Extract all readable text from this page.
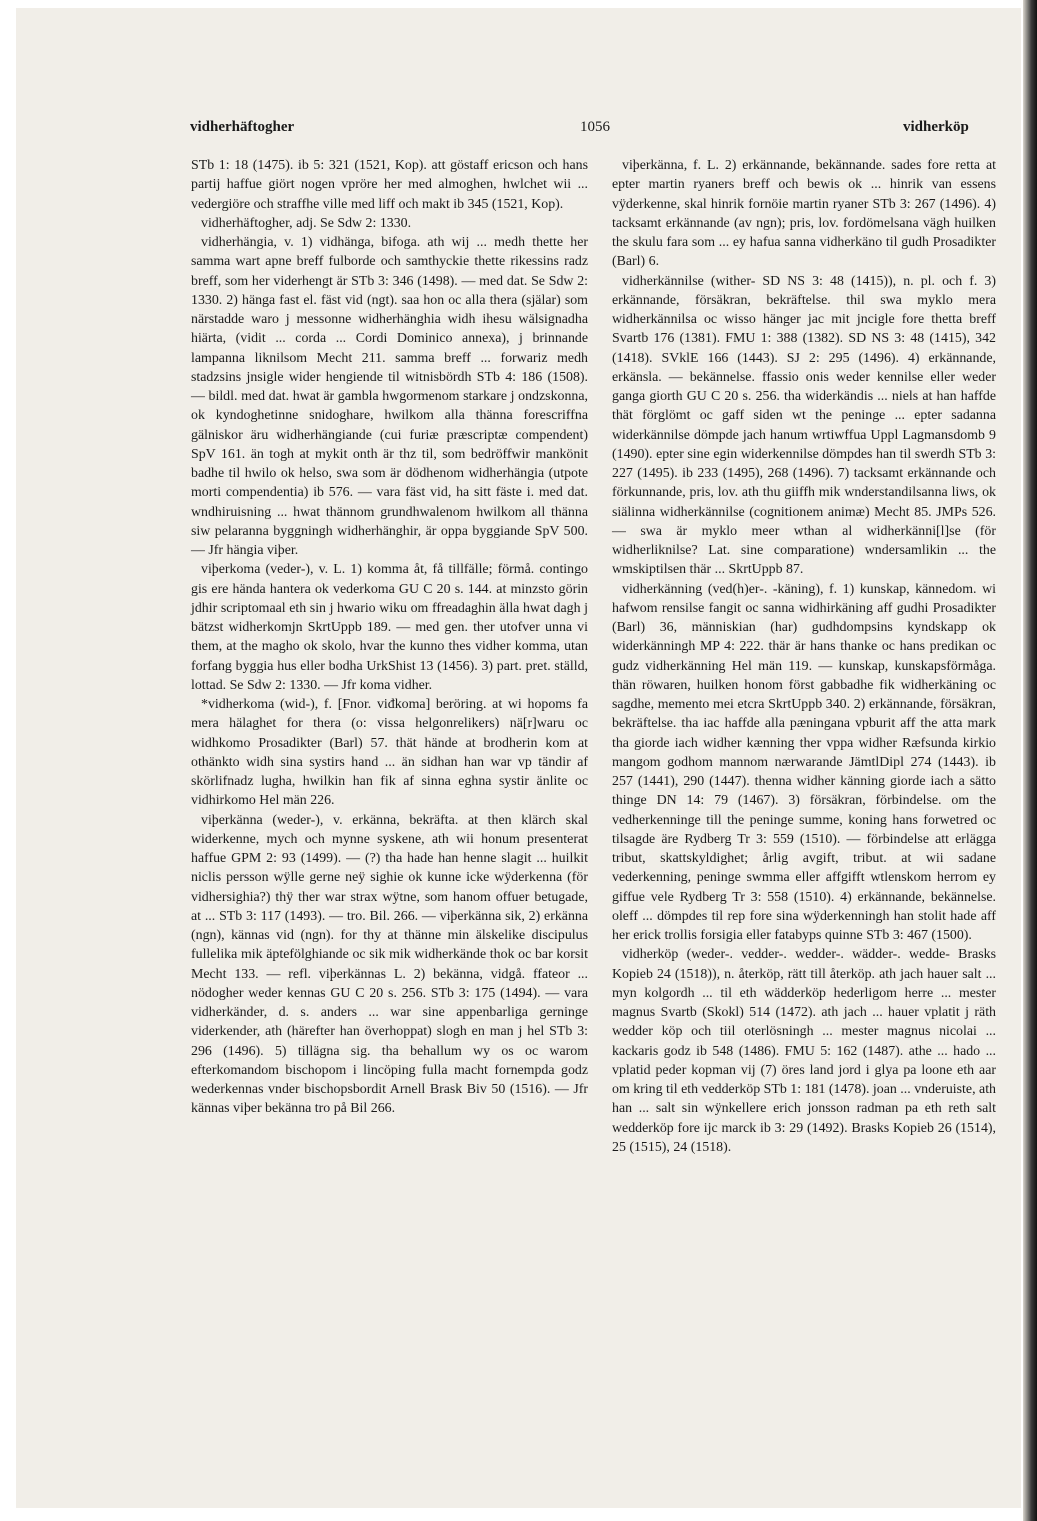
vidherhäftogher	1056	vidherköp

STb 1: 18 (1475). ib 5: 321 (1521, Kop). att göstaff ericson och hans partij haffue giört nogen vpröre her med almoghen, hwlchet wii ... vedergiöre och straffhe ville med liff och makt ib 345 (1521, Kop).

vidherhäftogher, adj. Se Sdw 2: 1330.

vidherhängia, v. 1) vidhänga, bifoga. ath wij ... medh thette her samma wart apne breff fulborde och samthyckie thette rikessins radz breff, som her viderhengt är STb 3: 346 (1498). — med dat. Se Sdw 2: 1330. 2) hänga fast el. fäst vid (ngt). saa hon oc alla thera (själar) som närstadde waro j messonne widherhänghia widh ihesu wälsignadha hiärta, (vidit ... corda ... Cordi Dominico annexa), j brinnande lampanna liknilsom Mecht 211. samma breff ... forwariz medh stadzsins jnsigle wider hengiende til witnisbördh STb 4: 186 (1508). — bildl. med dat. hwat är gambla hwgormenom starkare j ondzskonna, ok kyndoghetinne snidoghare, hwilkom alla thänna forescriffna gälniskor äru widherhängiande (cui furiæ præscriptæ compendent) SpV 161. än togh at mykit onth är thz til, som bedröffwir mankönit badhe til hwilo ok helso, swa som är dödhenom widherhängia (utpote morti compendentia) ib 576. — vara fäst vid, ha sitt fäste i. med dat. wndhiruisning ... hwat thännom grundhwalenom hwilkom all thänna siw pelaranna byggningh widherhänghir, är oppa byggiande SpV 500. — Jfr hängia viþer.

viþerkoma (veder-), v. L. 1) komma åt, få tillfälle; förmå. contingo gis ere hända hantera ok vederkoma GU C 20 s. 144. at minzsto görin jdhir scriptomaal eth sin j hwario wiku om ffreadaghin älla hwat dagh j bätzst widherkomjn SkrtUppb 189. — med gen. ther utofver unna vi them, at the magho ok skolo, hvar the kunno thes vidher komma, utan forfang byggia hus eller bodha UrkShist 13 (1456). 3) part. pret. ställd, lottad. Se Sdw 2: 1330. — Jfr koma vidher.

*vidherkoma (wid-), f. [Fnor. viđkoma] beröring. at wi hopoms fa mera hälaghet for thera (o: vissa helgonrelikers) nä[r]waru oc widhkomo Prosadikter (Barl) 57. thät hände at brodherin kom at othänkto widh sina systirs hand ... än sidhan han war vp tändir af skörlifnadz lugha, hwilkin han fik af sinna eghna systir änlite oc vidhirkomo Hel män 226.

viþerkänna (weder-), v. erkänna, bekräfta. at then klärch skal widerkenne, mych och mynne syskene, ath wii honum presenterat haffue GPM 2: 93 (1499). — (?) tha hade han henne slagit ... huilkit niclis persson wÿlle gerne neÿ sighie ok kunne icke wÿderkenna (för vidhersighia?) thÿ ther war strax wÿtne, som hanom offuer betugade, at ... STb 3: 117 (1493). — tro. Bil. 266. — viþerkänna sik, 2) erkänna (ngn), kännas vid (ngn). for thy at thänne min älskelike discipulus fullelika mik äptefölghiande oc sik mik widherkände thok oc bar korsit Mecht 133. — refl. viþerkännas L. 2) bekänna, vidgå. ffateor ... nödogher weder kennas GU C 20 s. 256. STb 3: 175 (1494). — vara vidherkänder, d. s. anders ... war sine appenbarliga gerninge viderkender, ath (härefter han överhoppat) slogh en man j hel STb 3: 296 (1496). 5) tillägna sig. tha behallum wy os oc warom efterkomandom bischopom i lincöping fulla macht fornempda godz wederkennas vnder bischopsbordit Arnell Brask Biv 50 (1516). — Jfr kännas viþer bekänna tro på Bil 266.

viþerkänna, f. L. 2) erkännande, bekännande. sades fore retta at epter martin ryaners breff och bewis ok ... hinrik van essens vÿderkenne, skal hinrik fornöie martin ryaner STb 3: 267 (1496). 4) tacksamt erkännande (av ngn); pris, lov. fordömelsana vägh huilken the skulu fara som ... ey hafua sanna vidherkäno til gudh Prosadikter (Barl) 6.

vidherkännilse (wither- SD NS 3: 48 (1415)), n. pl. och f. 3) erkännande, försäkran, bekräftelse. thil swa myklo mera widherkännilsa oc wisso hänger jac mit jncigle fore thetta breff Svartb 176 (1381). FMU 1: 388 (1382). SD NS 3: 48 (1415), 342 (1418). SVklE 166 (1443). SJ 2: 295 (1496). 4) erkännande, erkänsla. — bekännelse. ffassio onis weder kennilse eller weder ganga giorth GU C 20 s. 256. tha widerkändis ... niels at han haffde thät förglömt oc gaff siden wt the peninge ... epter sadanna widerkännilse dömpde jach hanum wrtiwffua Uppl Lagmansdomb 9 (1490). epter sine egin widerkennilse dömpdes han til swerdh STb 3: 227 (1495). ib 233 (1495), 268 (1496). 7) tacksamt erkännande och förkunnande, pris, lov. ath thu giiffh mik wnderstandilsanna liws, ok siälinna widherkännilse (cognitionem animæ) Mecht 85. JMPs 526. — swa är myklo meer wthan al widherkänni[l]se (för widherliknilse? Lat. sine comparatione) wndersamlikin ... the wmskiptilsen thär ... SkrtUppb 87.

vidherkänning (ved(h)er-. -käning), f. 1) kunskap, kännedom. wi hafwom rensilse fangit oc sanna widhirkäning aff gudhi Prosadikter (Barl) 36, människian (har) gudhdompsins kyndskapp ok widerkänningh MP 4: 222. thär är hans thanke oc hans predikan oc gudz vidherkänning Hel män 119. — kunskap, kunskapsförmåga. thän röwaren, huilken honom först gabbadhe fik widherkäning oc sagdhe, memento mei etcra SkrtUppb 340. 2) erkännande, försäkran, bekräftelse. tha iac haffde alla pæningana vpburit aff the atta mark tha giorde iach widher kænning ther vppa widher Ræfsunda kirkio mangom godhom mannom nærwarande JämtlDipl 274 (1443). ib 257 (1441), 290 (1447). thenna widher känning giorde iach a sätto thinge DN 14: 79 (1467). 3) försäkran, förbindelse. om the vedherkenninge till the peninge summe, koning hans forwetred oc tilsagde äre Rydberg Tr 3: 559 (1510). — förbindelse att erlägga tribut, skattskyldighet; årlig avgift, tribut. at wii sadane vederkenning, peninge swmma eller affgifft wtlenskom herrom ey giffue vele Rydberg Tr 3: 558 (1510). 4) erkännande, bekännelse. oleff ... dömpdes til rep fore sina wÿderkenningh han stolit hade aff her erick trollis forsigia eller fatabурs quinne STb 3: 467 (1500).

vidherköp (weder-. vedder-. wedder-. wädder-. wedde- Brasks Kopieb 24 (1518)), n. återköp, rätt till återköp. ath jach hauer salt ... myn kolgordh ... til eth wädderköp hederligom herre ... mester magnus Svartb (Skokl) 514 (1472). ath jach ... hauer vplatit j räth wedder köp och tiil oterlösningh ... mester magnus nicolai ... kackaris godz ib 548 (1486). FMU 5: 162 (1487). athe ... hado ... vplatid peder kopman vij (7) öres land jord i glya pa loone eth aar om kring til eth vedderköp STb 1: 181 (1478). joan ... vnderuiste, ath han ... salt sin wÿnkellere erich jonsson radman pa eth reth salt wedderköp fore ijc marck ib 3: 29 (1492). Brasks Kopieb 26 (1514), 25 (1515), 24 (1518).
